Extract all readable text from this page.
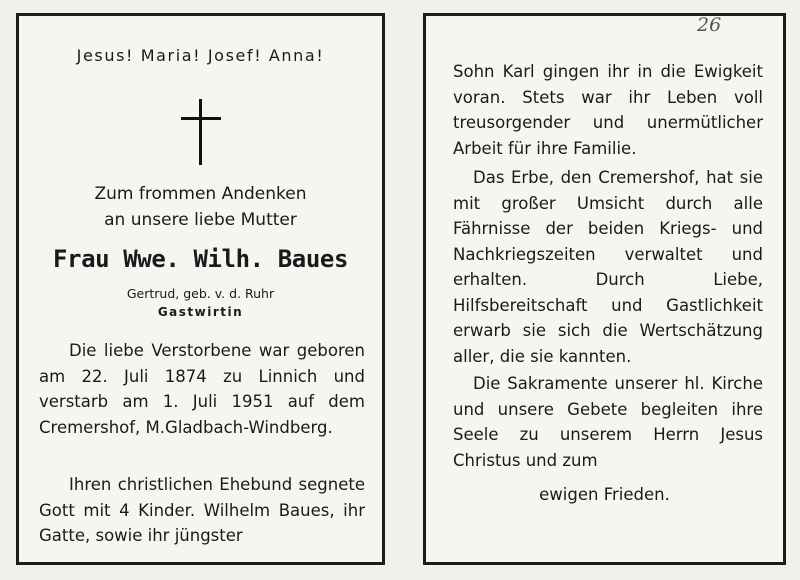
Jesus! Maria! Josef! Anna!
Zum frommen Andenken
an unsere liebe Mutter
Frau Wwe. Wilh. Baues
Gertrud, geb. v. d. Ruhr
Gastwirtin

Die liebe Verstorbene war geboren am 22. Juli 1874 zu Linnich und verstarb am 1. Juli 1951 auf dem Cremershof, M.Gladbach-Windberg.

Ihren christlichen Ehebund segnete Gott mit 4 Kinder. Wilhelm Baues, ihr Gatte, sowie ihr jüngster

Sohn Karl gingen ihr in die Ewigkeit voran. Stets war ihr Leben voll treusorgender und unermütlicher Arbeit für ihre Familie.

Das Erbe, den Cremershof, hat sie mit großer Umsicht durch alle Fährnisse der beiden Kriegs- und Nachkriegszeiten verwaltet und erhalten. Durch Liebe, Hilfsbereitschaft und Gastlichkeit erwarb sie sich die Wertschätzung aller, die sie kannten.

Die Sakramente unserer hl. Kirche und unsere Gebete begleiten ihre Seele zu unserem Herrn Jesus Christus und zum

ewigen Frieden.
26
